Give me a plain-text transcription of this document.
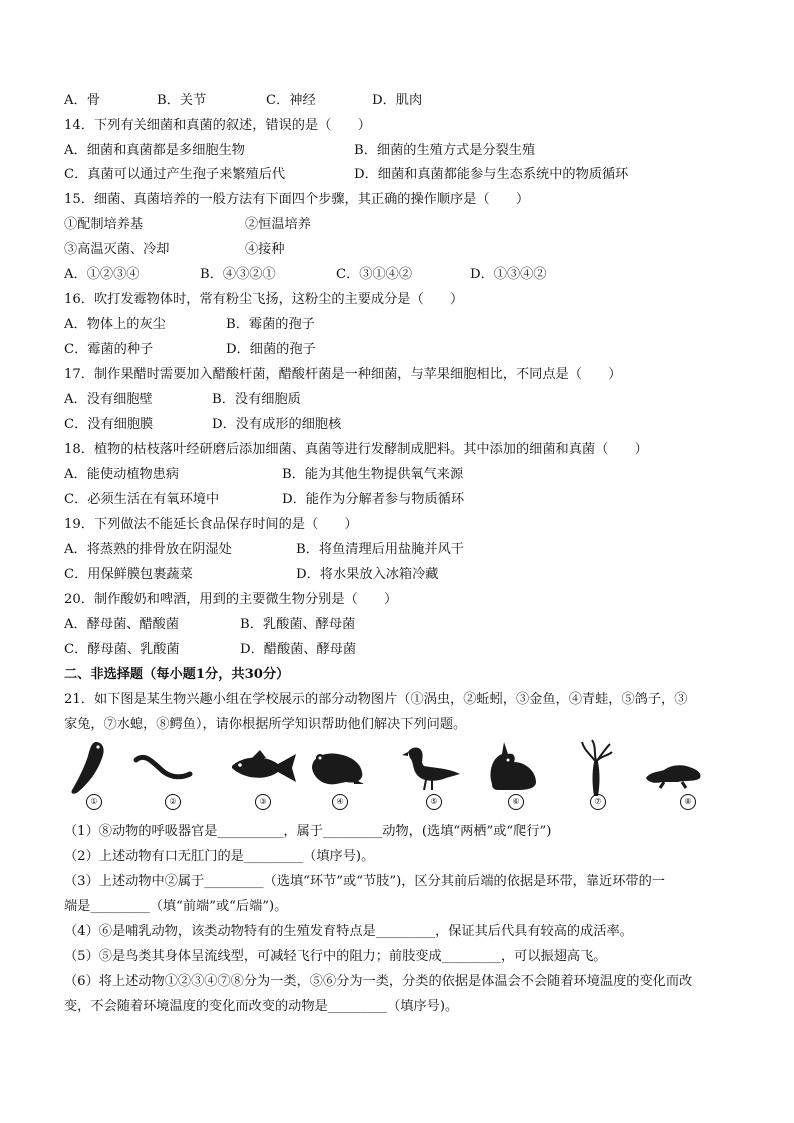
A．骨	B．关节	C．神经	D．肌肉
14．下列有关细菌和真菌的叙述，错误的是（　　）
A．细菌和真菌都是多细胞生物	B．细菌的生殖方式是分裂生殖
C．真菌可以通过产生孢子来繁殖后代	D．细菌和真菌都能参与生态系统中的物质循环
15．细菌、真菌培养的一般方法有下面四个步骤，其正确的操作顺序是（　　）
①配制培养基	②恒温培养
③高温灭菌、冷却	④接种
A．①②③④	B．④③②①	C．③①④②	D．①③④②
16．吹打发霉物体时，常有粉尘飞扬，这粉尘的主要成分是（　　）
A．物体上的灰尘	B．霉菌的孢子
C．霉菌的种子	D．细菌的孢子
17．制作果醋时需要加入醋酸杆菌，醋酸杆菌是一种细菌，与苹果细胞相比，不同点是（　　）
A．没有细胞壁	B．没有细胞质
C．没有细胞膜	D．没有成形的细胞核
18．植物的枯枝落叶经研磨后添加细菌、真菌等进行发酵制成肥料。其中添加的细菌和真菌（　　）
A．能使动植物患病	B．能为其他生物提供氧气来源
C．必须生活在有氧环境中	D．能作为分解者参与物质循环
19．下列做法不能延长食品保存时间的是（　　）
A．将蒸熟的排骨放在阴湿处	B．将鱼清理后用盐腌并风干
C．用保鲜膜包裹蔬菜	D．将水果放入冰箱冷藏
20．制作酸奶和啤酒，用到的主要微生物分别是（　　）
A．酵母菌、醋酸菌	B．乳酸菌、酵母菌
C．酵母菌、乳酸菌	D．醋酸菌、酵母菌
二、非选择题（每小题1分，共30分）
21．如下图是某生物兴趣小组在学校展示的部分动物图片（①涡虫，②蚯蚓，③金鱼，④青蛙，⑤鸽子，③
家兔，⑦水螅，⑧鳄鱼），请你根据所学知识帮助他们解决下列问题。
①	②	③	④	⑤	⑥	⑦	⑧
（1）⑧动物的呼吸器官是__________，属于_________动物，(选填“两栖”或“爬行”)
（2）上述动物有口无肛门的是_________（填序号)。
（3）上述动物中②属于_________（选填“环节”或“节肢”)，区分其前后端的依据是环带，靠近环带的一
端是_________（填“前端”或“后端”)。
（4）⑥是哺乳动物，该类动物特有的生殖发育特点是_________，保证其后代具有较高的成活率。
（5）⑤是鸟类其身体呈流线型，可减轻飞行中的阻力；前肢变成_________，可以振翅高飞。
（6）将上述动物①②③④⑦⑧分为一类，⑤⑥分为一类，分类的依据是体温会不会随着环境温度的变化而改
变，不会随着环境温度的变化而改变的动物是_________（填序号)。
